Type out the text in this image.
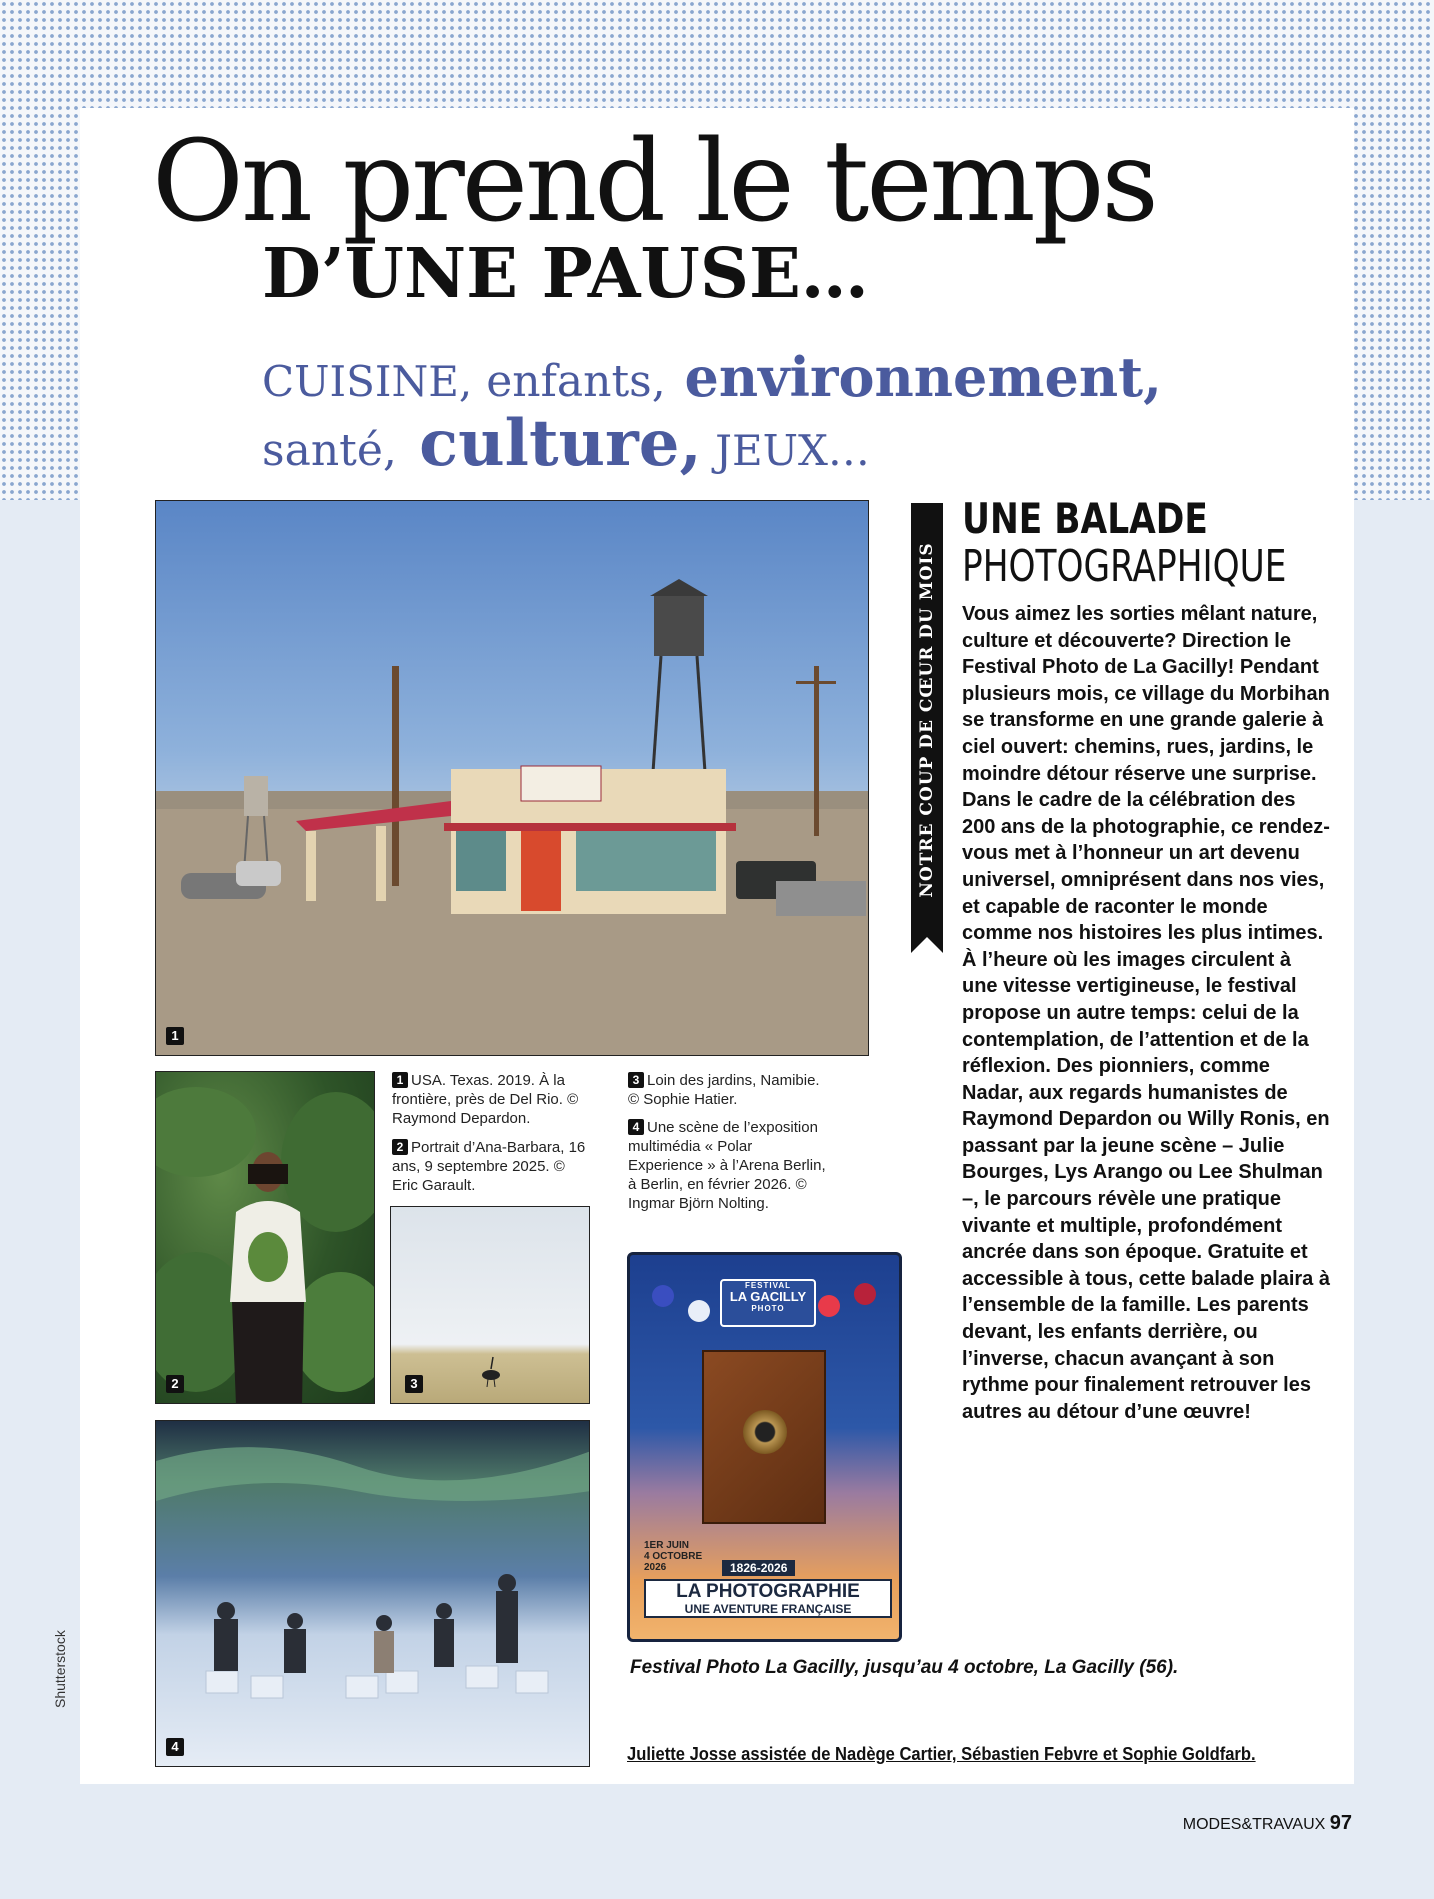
On prend le temps
D’UNE PAUSE…
CUISINE, enfants, environnement,
santé, culture, JEUX…
1
2	3
4
1 USA. Texas. 2019. À la frontière, près de Del Rio. © Raymond Depardon.
2 Portrait d’Ana-Barbara, 16 ans, 9 septembre 2025. © Eric Garault.
3 Loin des jardins, Namibie. © Sophie Hatier.
4 Une scène de l’exposition multimédia « Polar Experience » à l’Arena Berlin, à Berlin, en février 2026. © Ingmar Björn Nolting.
FESTIVAL
LA GACILLY
PHOTO
1ER JUIN
4 OCTOBRE
2026	1826-2026
LA PHOTOGRAPHIE
UNE AVENTURE FRANÇAISE
NOTRE COUP DE CŒUR DU MOIS
UNE BALADE
PHOTOGRAPHIQUE

Vous aimez les sorties mêlant nature, culture et découverte? Direction le Festival Photo de La Gacilly! Pendant plusieurs mois, ce village du Morbihan se transforme en une grande galerie à ciel ouvert: chemins, rues, jardins, le moindre détour réserve une surprise. Dans le cadre de la célébration des 200 ans de la photographie, ce rendez-vous met à l’honneur un art devenu universel, omniprésent dans nos vies, et capable de raconter le monde comme nos histoires les plus intimes. À l’heure où les images circulent à une vitesse vertigineuse, le festival propose un autre temps: celui de la contemplation, de l’attention et de la réflexion. Des pionniers, comme Nadar, aux regards humanistes de Raymond Depardon ou Willy Ronis, en passant par la jeune scène – Julie Bourges, Lys Arango ou Lee Shulman –, le parcours révèle une pratique vivante et multiple, profondément ancrée dans son époque. Gratuite et accessible à tous, cette balade plaira à l’ensemble de la famille. Les parents devant, les enfants derrière, ou l’inverse, chacun avançant à son rythme pour finalement retrouver les autres au détour d’une œuvre!

Festival Photo La Gacilly, jusqu’au 4 octobre, La Gacilly (56).
Juliette Josse assistée de Nadège Cartier, Sébastien Febvre et Sophie Goldfarb.
Shutterstock
MODES&TRAVAUX 97
